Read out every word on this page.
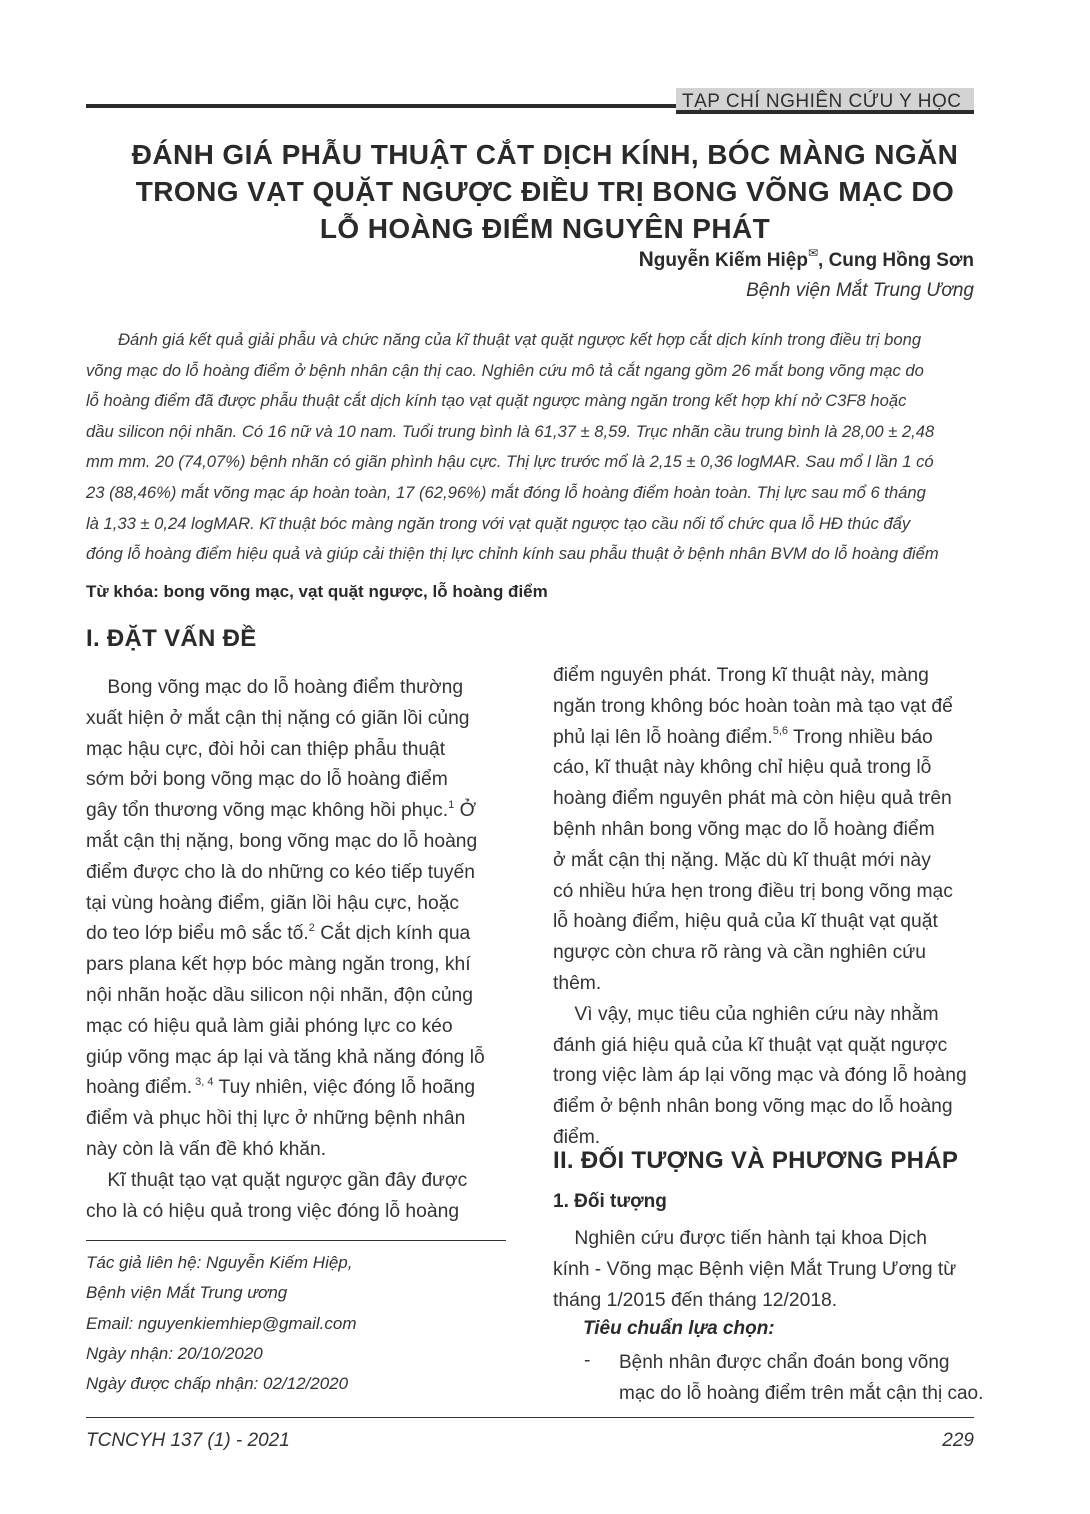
TẠP CHÍ NGHIÊN CỨU Y HỌC
ĐÁNH GIÁ PHẪU THUẬT CẮT DỊCH KÍNH, BÓC MÀNG NGĂN
TRONG VẠT QUẶT NGƯỢC ĐIỀU TRỊ BONG VÕNG MẠC DO
LỖ HOÀNG ĐIỂM NGUYÊN PHÁT
Nguyễn Kiếm Hiệp✉, Cung Hồng Sơn
Bệnh viện Mắt Trung Ương
Đánh giá kết quả giải phẫu và chức năng của kĩ thuật vạt quặt ngược kết hợp cắt dịch kính trong điều trị bong
võng mạc do lỗ hoàng điểm ở bệnh nhân cận thị cao. Nghiên cứu mô tả cắt ngang gồm 26 mắt bong võng mạc do
lỗ hoàng điểm đã được phẫu thuật cắt dịch kính tạo vạt quặt ngược màng ngăn trong kết hợp khí nở C3F8 hoặc
dầu silicon nội nhãn. Có 16 nữ và 10 nam. Tuổi trung bình là 61,37 ± 8,59. Trục nhãn cầu trung bình là 28,00 ± 2,48
mm mm. 20 (74,07%) bệnh nhãn có giãn phình hậu cực. Thị lực trước mổ là 2,15 ± 0,36 logMAR. Sau mổ l lần 1 có
23 (88,46%) mắt võng mạc áp hoàn toàn, 17 (62,96%) mắt đóng lỗ hoàng điểm hoàn toàn. Thị lực sau mổ 6 tháng
là 1,33 ± 0,24 logMAR. Kĩ thuật bóc màng ngăn trong với vạt quặt ngược tạo cầu nối tổ chức qua lỗ HĐ thúc đẩy
đóng lỗ hoàng điểm hiệu quả và giúp cải thiện thị lực chỉnh kính sau phẫu thuật ở bệnh nhân BVM do lỗ hoàng điểm
Từ khóa: bong võng mạc, vạt quặt ngược, lỗ hoàng điểm
I. ĐẶT VẤN ĐỀ
Bong võng mạc do lỗ hoàng điểm thường
xuất hiện ở mắt cận thị nặng có giãn lồi củng
mạc hậu cực, đòi hỏi can thiệp phẫu thuật
sớm bởi bong võng mạc do lỗ hoàng điểm
gây tổn thương võng mạc không hồi phục.$^1$ Ở
mắt cận thị nặng, bong võng mạc do lỗ hoàng
điểm được cho là do những co kéo tiếp tuyến
tại vùng hoàng điểm, giãn lồi hậu cực, hoặc
do teo lớp biểu mô sắc tố.$^2$ Cắt dịch kính qua
pars plana kết hợp bóc màng ngăn trong, khí
nội nhãn hoặc dầu silicon nội nhãn, độn củng
mạc có hiệu quả làm giải phóng lực co kéo
giúp võng mạc áp lại và tăng khả năng đóng lỗ
hoàng điểm. $^{3, 4}$ Tuy nhiên, việc đóng lỗ hoãng
điểm và phục hồi thị lực ở những bệnh nhân
này còn là vấn đề khó khăn.
Kĩ thuật tạo vạt quặt ngược gần đây được
cho là có hiệu quả trong việc đóng lỗ hoàng
điểm nguyên phát. Trong kĩ thuật này, màng
ngăn trong không bóc hoàn toàn mà tạo vạt để
phủ lại lên lỗ hoàng điểm.$^{5,6}$ Trong nhiều báo
cáo, kĩ thuật này không chỉ hiệu quả trong lỗ
hoàng điểm nguyên phát mà còn hiệu quả trên
bệnh nhân bong võng mạc do lỗ hoàng điểm
ở mắt cận thị nặng. Mặc dù kĩ thuật mới này
có nhiều hứa hẹn trong điều trị bong võng mạc
lỗ hoàng điểm, hiệu quả của kĩ thuật vạt quặt
ngược còn chưa rõ ràng và cần nghiên cứu
thêm.
Vì vậy, mục tiêu của nghiên cứu này nhằm
đánh giá hiệu quả của kĩ thuật vạt quặt ngược
trong việc làm áp lại võng mạc và đóng lỗ hoàng
điểm ở bệnh nhân bong võng mạc do lỗ hoàng
điểm.
II. ĐỐI TƯỢNG VÀ PHƯƠNG PHÁP
1. Đối tượng
Nghiên cứu được tiến hành tại khoa Dịch
kính - Võng mạc Bệnh viện Mắt Trung Ương từ
tháng 1/2015 đến tháng 12/2018.
Tiêu chuẩn lựa chọn:
- Bệnh nhân được chẩn đoán bong võng
mạc do lỗ hoàng điểm trên mắt cận thị cao.
Tác giả liên hệ: Nguyễn Kiếm Hiệp,
Bệnh viện Mắt Trung ương
Email: nguyenkiemhiep@gmail.com
Ngày nhận: 20/10/2020
Ngày được chấp nhận: 02/12/2020
TCNCYH 137 (1) - 2021	229
